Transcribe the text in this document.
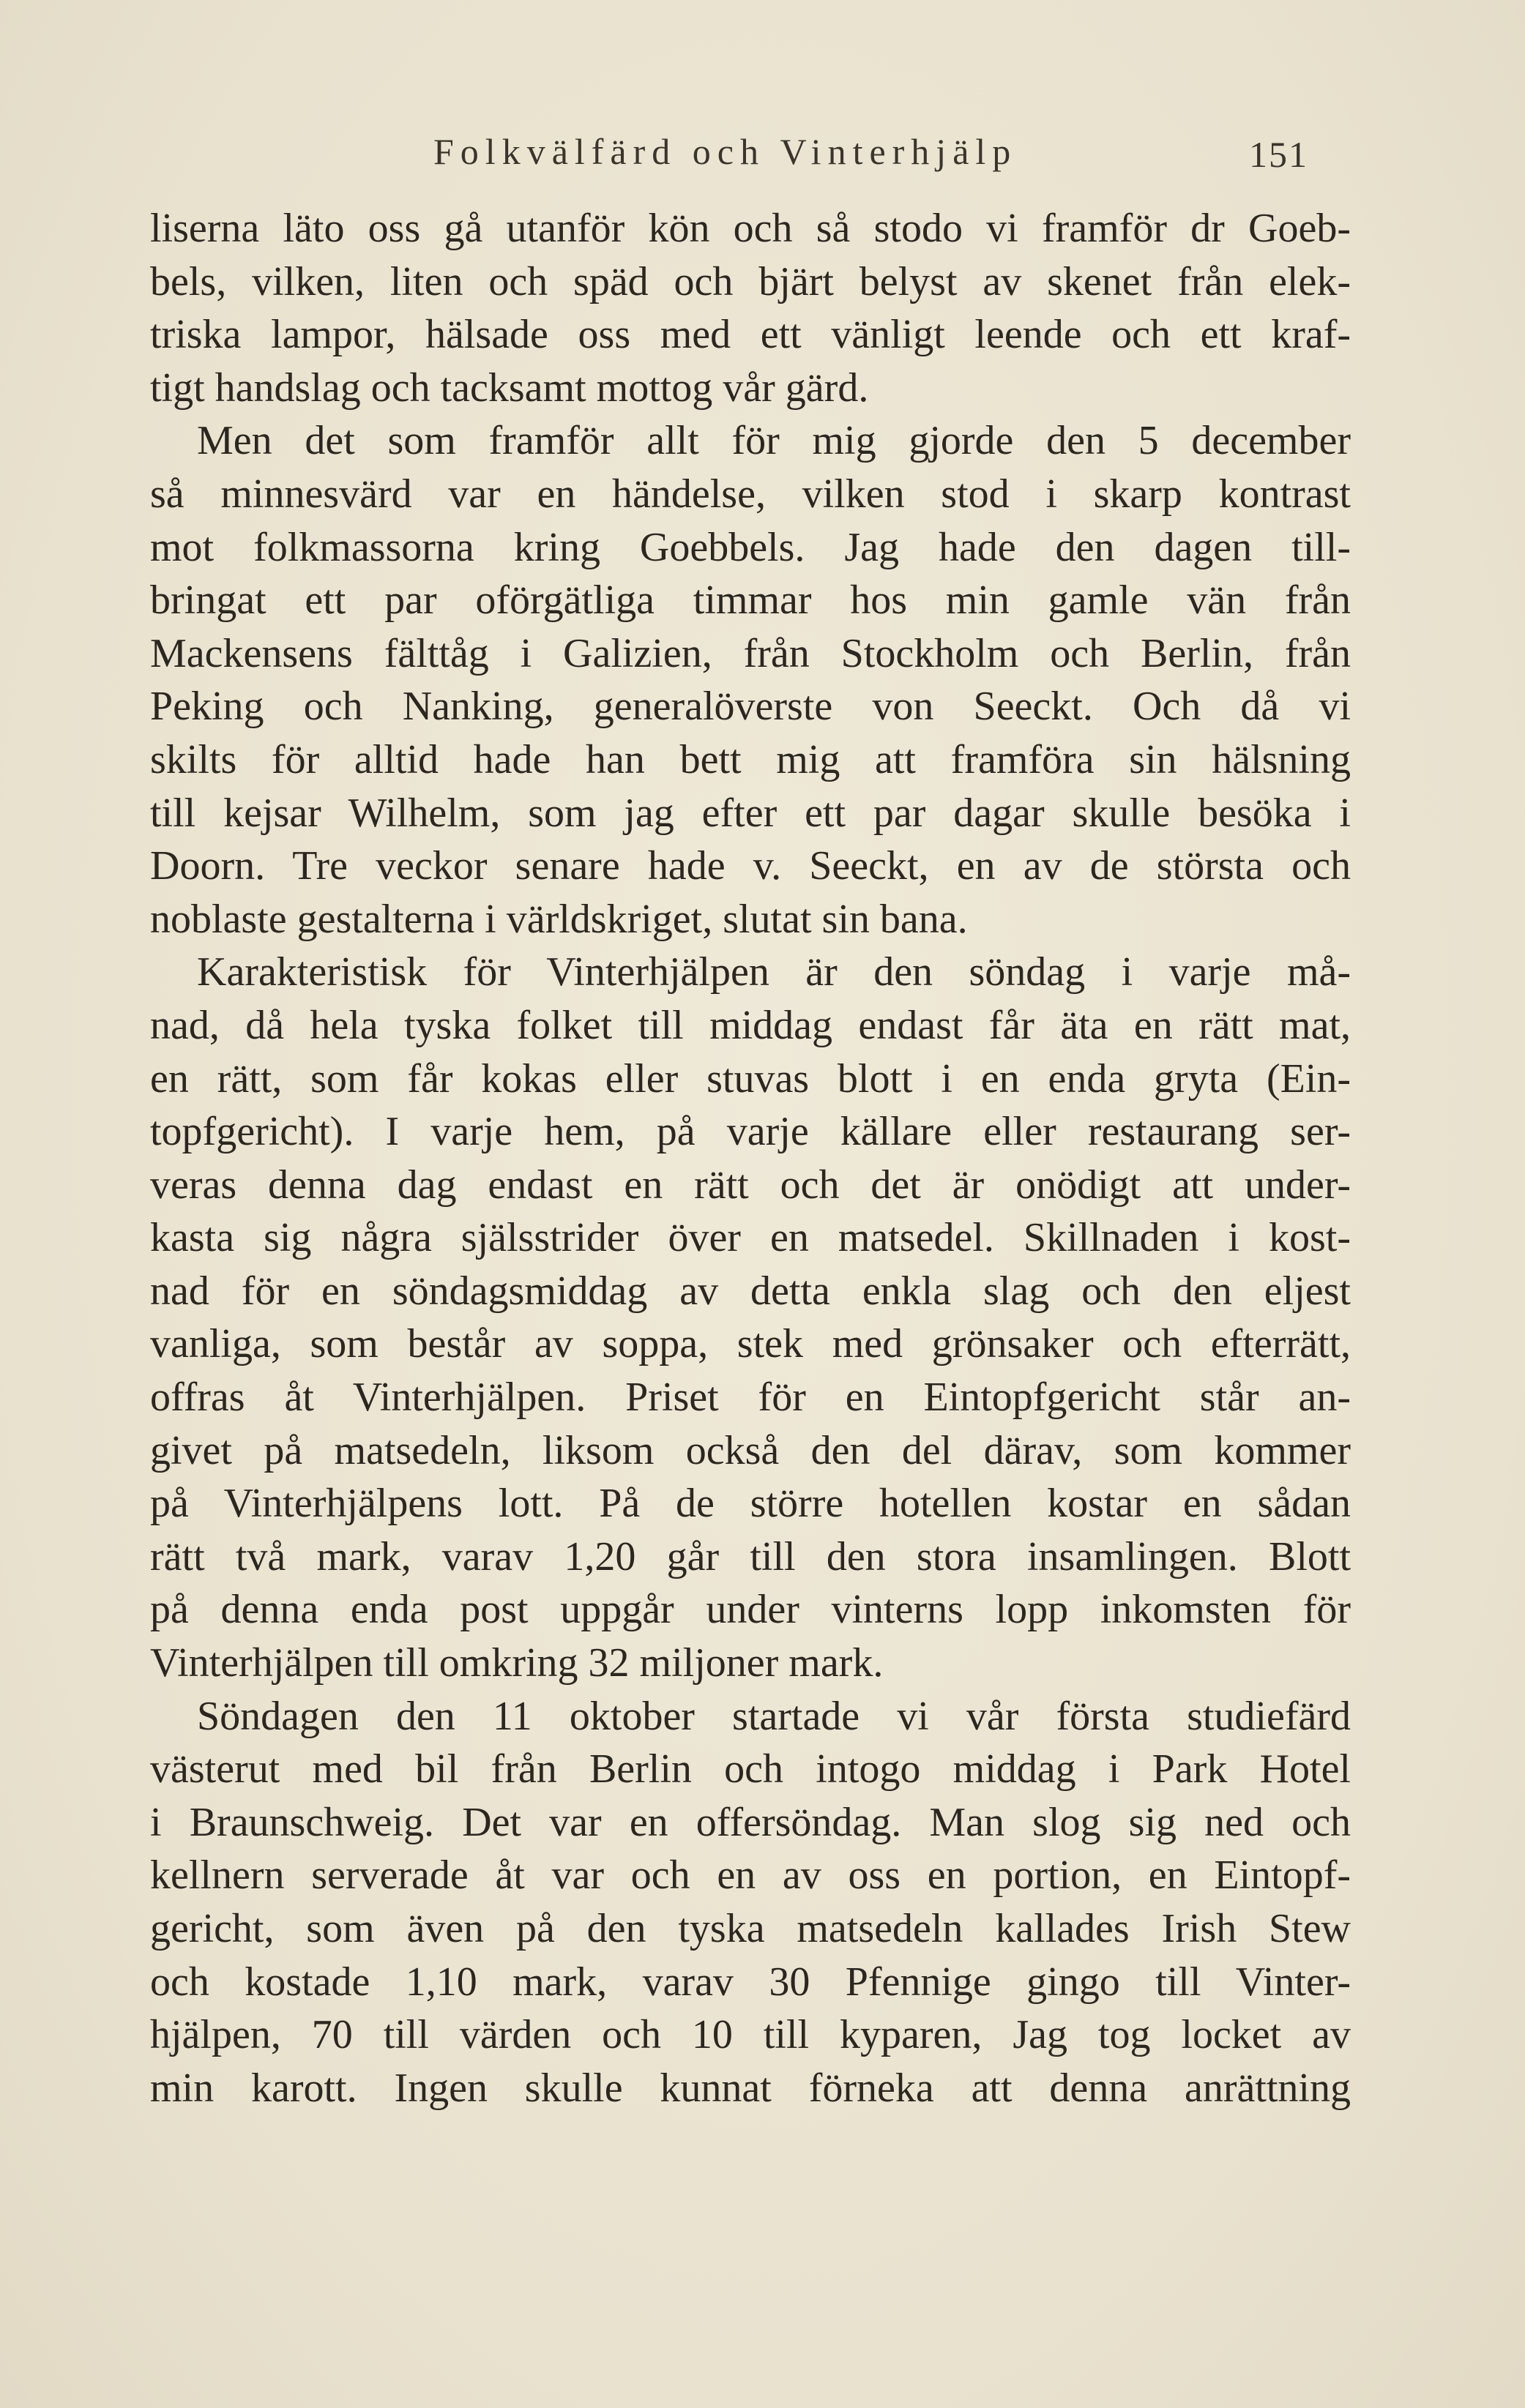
Folkvälfärd och Vinterhjälp	151
liserna läto oss gå utanför kön och så stodo vi framför dr Goeb-
bels, vilken, liten och späd och bjärt belyst av skenet från elek-
triska lampor, hälsade oss med ett vänligt leende och ett kraf-
tigt handslag och tacksamt mottog vår gärd.
Men det som framför allt för mig gjorde den 5 december
så minnesvärd var en händelse, vilken stod i skarp kontrast
mot folkmassorna kring Goebbels. Jag hade den dagen till-
bringat ett par oförgätliga timmar hos min gamle vän från
Mackensens fälttåg i Galizien, från Stockholm och Berlin, från
Peking och Nanking, generalöverste von Seeckt. Och då vi
skilts för alltid hade han bett mig att framföra sin hälsning
till kejsar Wilhelm, som jag efter ett par dagar skulle besöka i
Doorn. Tre veckor senare hade v. Seeckt, en av de största och
noblaste gestalterna i världskriget, slutat sin bana.
Karakteristisk för Vinterhjälpen är den söndag i varje må-
nad, då hela tyska folket till middag endast får äta en rätt mat,
en rätt, som får kokas eller stuvas blott i en enda gryta (Ein-
topfgericht). I varje hem, på varje källare eller restaurang ser-
veras denna dag endast en rätt och det är onödigt att under-
kasta sig några själsstrider över en matsedel. Skillnaden i kost-
nad för en söndagsmiddag av detta enkla slag och den eljest
vanliga, som består av soppa, stek med grönsaker och efterrätt,
offras åt Vinterhjälpen. Priset för en Eintopfgericht står an-
givet på matsedeln, liksom också den del därav, som kommer
på Vinterhjälpens lott. På de större hotellen kostar en sådan
rätt två mark, varav 1,20 går till den stora insamlingen. Blott
på denna enda post uppgår under vinterns lopp inkomsten för
Vinterhjälpen till omkring 32 miljoner mark.
Söndagen den 11 oktober startade vi vår första studiefärd
västerut med bil från Berlin och intogo middag i Park Hotel
i Braunschweig. Det var en offersöndag. Man slog sig ned och
kellnern serverade åt var och en av oss en portion, en Eintopf-
gericht, som även på den tyska matsedeln kallades Irish Stew
och kostade 1,10 mark, varav 30 Pfennige gingo till Vinter-
hjälpen, 70 till värden och 10 till kyparen, Jag tog locket av
min karott. Ingen skulle kunnat förneka att denna anrättning
